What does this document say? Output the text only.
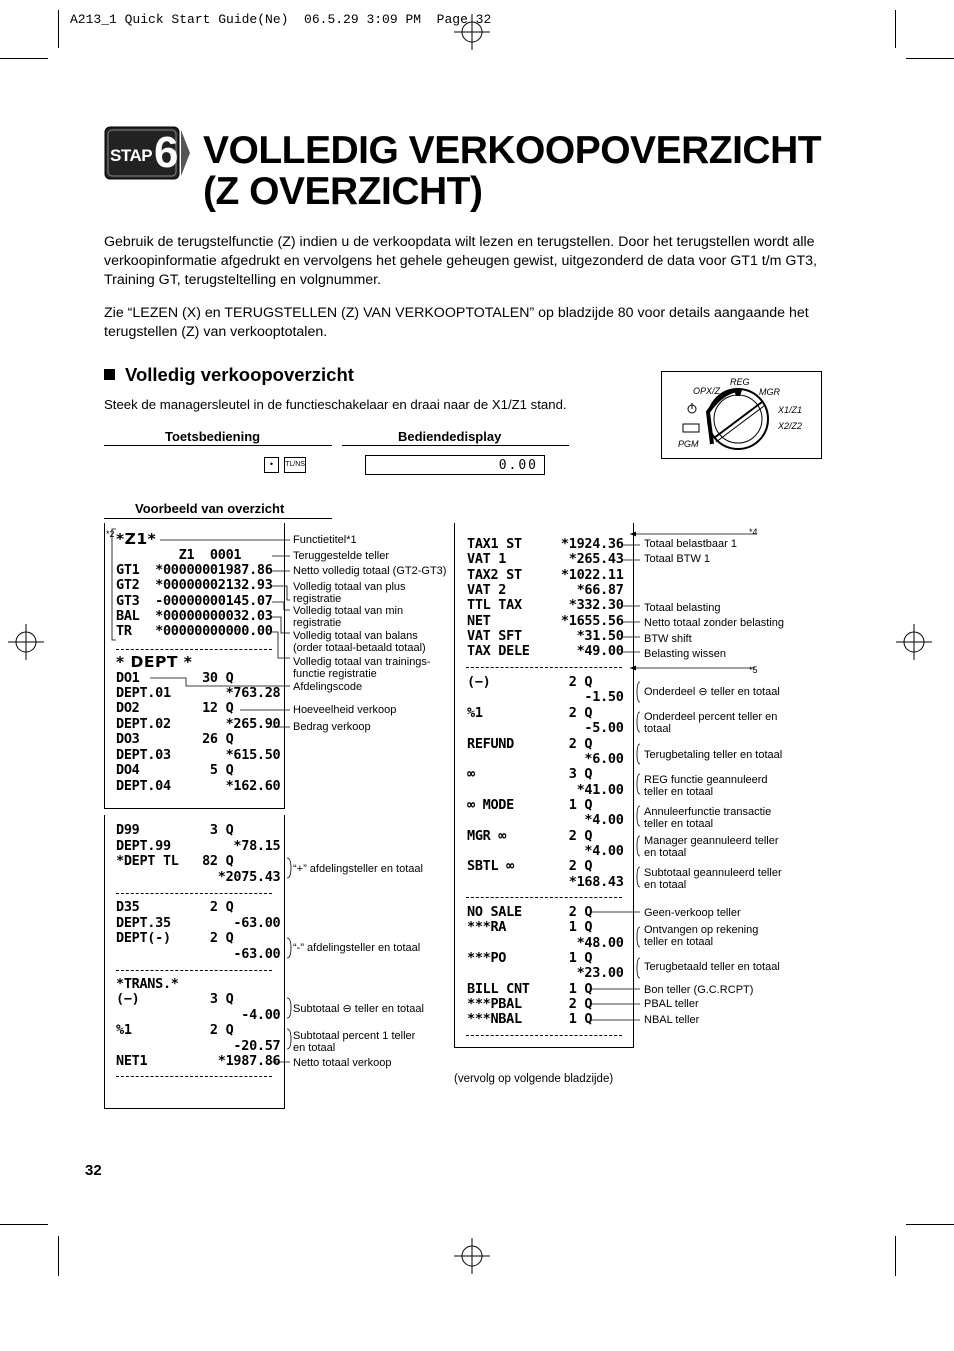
A213_1 Quick Start Guide(Ne)  06.5.29 3:09 PM  Page 32
STAP 6 VOLLEDIG VERKOOPOVERZICHT
(Z OVERZICHT)
Gebruik de terugstelfunctie (Z) indien u de verkoopdata wilt lezen en terugstellen. Door het terugstellen wordt alle verkoopinformatie afgedrukt en vervolgens het gehele geheugen gewist, uitgezonderd de data voor GT1 t/m GT3, Training GT, terugsteltelling en volgnummer.
Zie “LEZEN (X) en TERUGSTELLEN (Z) VAN VERKOOPTOTALEN” op bladzijde 80 voor details aangaande het terugstellen (Z) van verkooptotalen.
Volledig verkoopoverzicht
Steek de managersleutel in de functieschakelaar en draai naar de X1/Z1 stand.
REG
OPX/Z	MGR
X1/Z1
X2/Z2
PGM
Toetsbediening	Bediendedisplay
•	TL/NS	0.00
Voorbeeld van overzicht
*Z1*
Z1  0001
GT1  *00000001987.86
GT2  *00000002132.93
GT3  -00000000145.07
BAL  *00000000032.03
TR   *00000000000.00
* DEPT *
DO1        30 Q
DEPT.01       *763.28
DO2        12 Q
DEPT.02       *265.90
DO3        26 Q
DEPT.03       *615.50
DO4         5 Q
DEPT.04       *162.60
D99         3 Q
DEPT.99        *78.15
*DEPT TL   82 Q
*2075.43
D35         2 Q
DEPT.35        -63.00
DEPT(-)     2 Q
-63.00
*TRANS.*
(−)         3 Q
-4.00
%1          2 Q
-20.57
NET1         *1987.86
TAX1 ST     *1924.36
VAT 1        *265.43
TAX2 ST     *1022.11
VAT 2         *66.87
TTL TAX      *332.30
NET         *1655.56
VAT SFT       *31.50
TAX DELE      *49.00
(−)          2 Q
-1.50
%1           2 Q
-5.00
REFUND       2 Q
*6.00
∞            3 Q
*41.00
∞ MODE       1 Q
*4.00
MGR ∞        2 Q
*4.00
SBTL ∞       2 Q
*168.43
NO SALE      2 Q
***RA        1 Q
*48.00
***PO        1 Q
*23.00
BILL CNT     1 Q
***PBAL      2 Q
***NBAL      1 Q
*2	Functietitel*1
Teruggestelde teller
Netto volledig totaal (GT2-GT3)
Volledig totaal van plus
registratie
Volledig totaal van min
registratie
Volledig totaal van balans
(order totaal-betaald totaal)
Volledig totaal van trainings-
functie registratie
Afdelingscode
Hoeveelheid verkoop
Bedrag verkoop
“+” afdelingsteller en totaal
“-” afdelingsteller en totaal
Subtotaal ⊖ teller en totaal
Subtotaal percent 1 teller
en totaal
Netto totaal verkoop
*4
*5
Totaal belastbaar 1
Totaal BTW 1
Totaal belasting
Netto totaal zonder belasting
BTW shift
Belasting wissen
Onderdeel ⊖ teller en totaal
Onderdeel percent teller en
totaal
Terugbetaling teller en totaal
REG functie geannuleerd
teller en totaal
Annuleerfunctie transactie
teller en totaal
Manager geannuleerd teller
en totaal
Subtotaal geannuleerd teller
en totaal
Geen-verkoop teller
Ontvangen op rekening
teller en totaal
Terugbetaald teller en totaal
Bon teller (G.C.RCPT)
PBAL teller
NBAL teller
(vervolg op volgende bladzijde)
32
